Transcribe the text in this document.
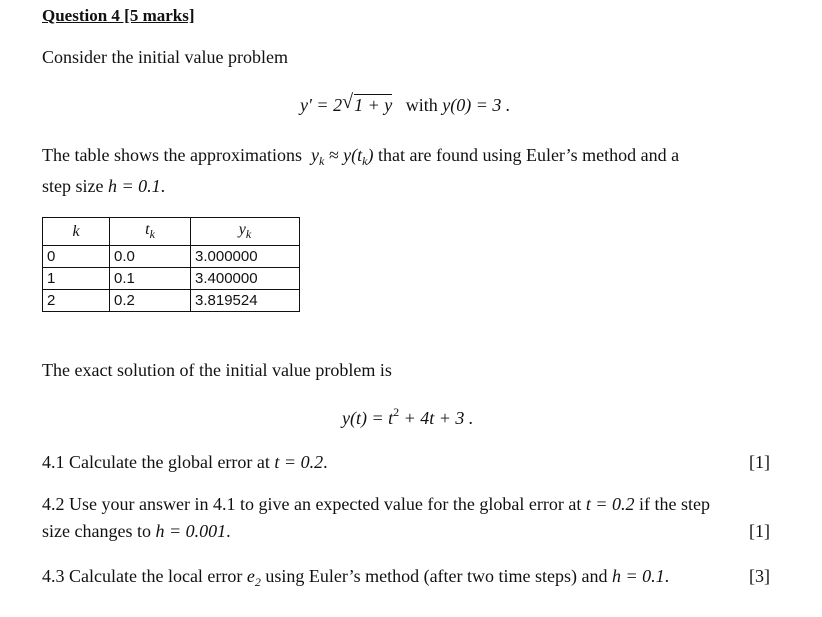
Question 4 [5 marks]
Consider the initial value problem
y′ = 2 √ 1 + y with y(0) = 3 .
The table shows the approximations $y_k \approx y(t_k)$ that are found using Euler’s method and a
step size h = 0.1.
k	$t_k$	$y_k$
0	0.0	3.000000
1	0.1	3.400000
2	0.2	3.819524
The exact solution of the initial value problem is
$y(t) = t^2 + 4t + 3$ .
4.1 Calculate the global error at t = 0.2.	[1]
4.2 Use your answer in 4.1 to give an expected value for the global error at t = 0.2 if the step
size changes to h = 0.001.	[1]
4.3 Calculate the local error $e_2$ using Euler’s method (after two time steps) and h = 0.1.	[3]
